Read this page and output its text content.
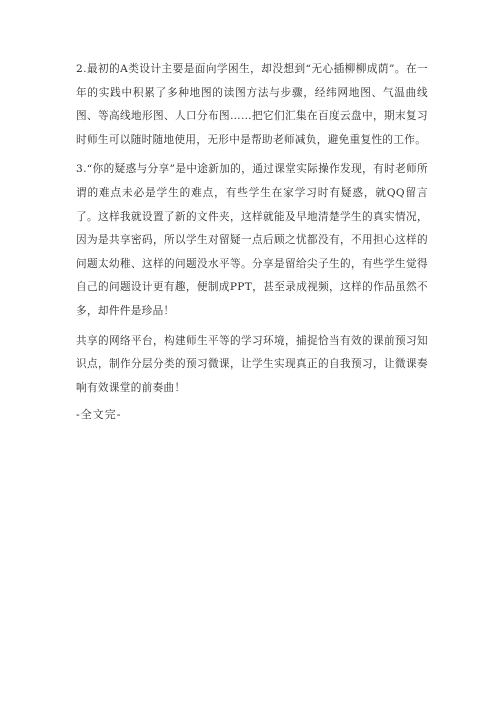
2.最初的A类设计主要是面向学困生，却没想到“无心插柳柳成荫”。在一年的实践中积累了多种地图的读图方法与步骤，经纬网地图、气温曲线图、等高线地形图、人口分布图……把它们汇集在百度云盘中，期末复习时师生可以随时随地使用，无形中是帮助老师减负，避免重复性的工作。

3.“你的疑惑与分享”是中途新加的，通过课堂实际操作发现，有时老师所谓的难点未必是学生的难点，有些学生在家学习时有疑惑，就QQ留言了。这样我就设置了新的文件夹，这样就能及早地清楚学生的真实情况，因为是共享密码，所以学生对留疑一点后顾之忧都没有，不用担心这样的问题太幼稚、这样的问题没水平等。分享是留给尖子生的，有些学生觉得自己的问题设计更有趣，便制成PPT，甚至录成视频，这样的作品虽然不多，却件件是珍品！

共享的网络平台，构建师生平等的学习环境，捕捉恰当有效的课前预习知识点，制作分层分类的预习微课，让学生实现真正的自我预习，让微课奏响有效课堂的前奏曲！

-全文完-
